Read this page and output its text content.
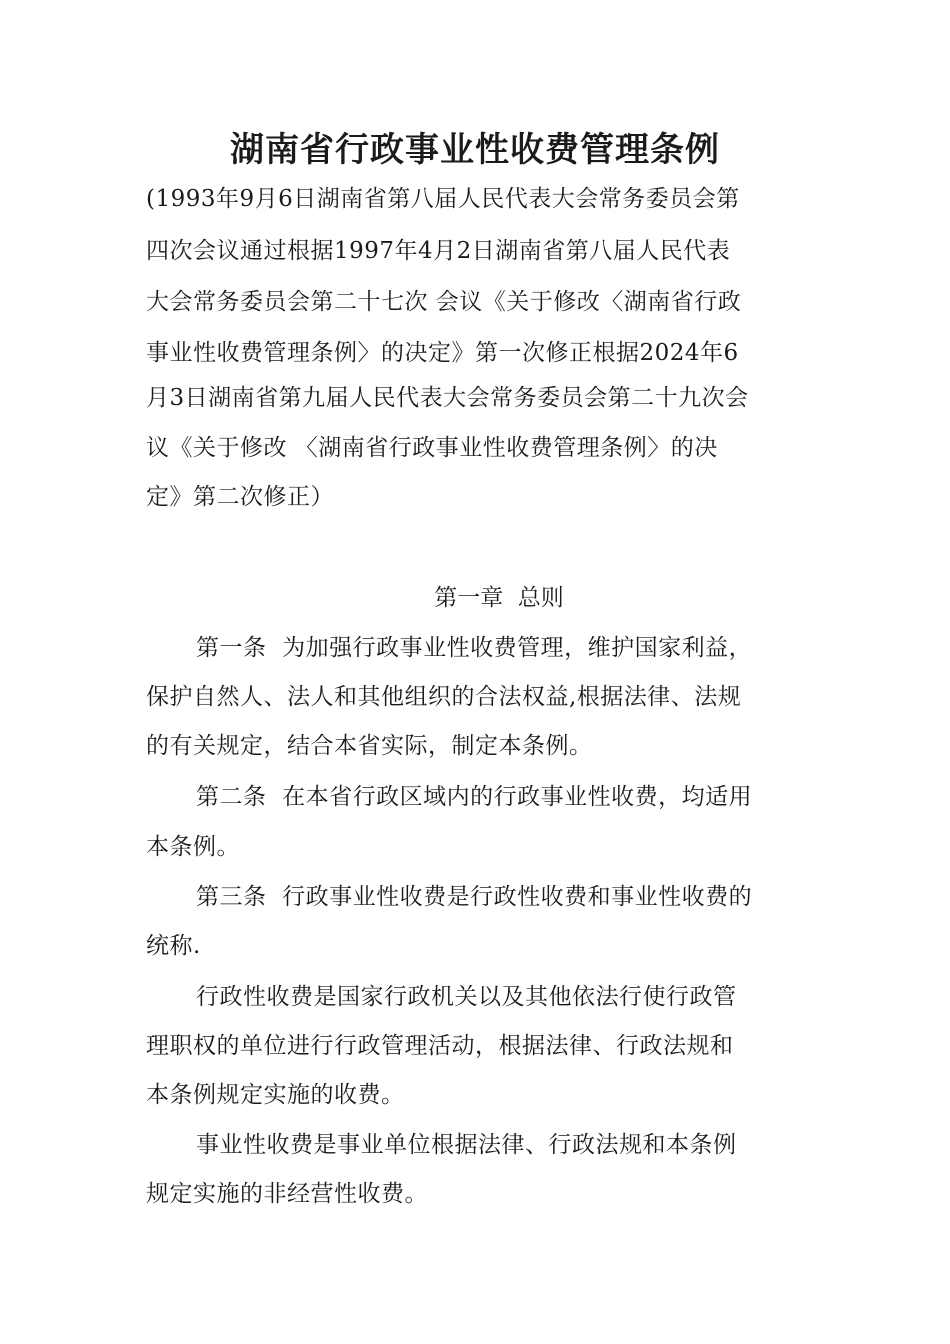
湖南省行政事业性收费管理条例
(1993年9月6日湖南省第八届人民代表大会常务委员会第
四次会议通过根据1997年4月2日湖南省第八届人民代表
大会常务委员会第二十七次 会议《关于修改〈湖南省行政
事业性收费管理条例〉的决定》第一次修正根据2024年6
月3日湖南省第九届人民代表大会常务委员会第二十九次会
议《关于修改 〈湖南省行政事业性收费管理条例〉的决
定》第二次修正）
第一章  总则
第一条  为加强行政事业性收费管理，维护国家利益，
保护自然人、法人和其他组织的合法权益,根据法律、法规
的有关规定，结合本省实际，制定本条例。
第二条  在本省行政区域内的行政事业性收费，均适用
本条例。
第三条  行政事业性收费是行政性收费和事业性收费的
统称.
行政性收费是国家行政机关以及其他依法行使行政管
理职权的单位进行行政管理活动，根据法律、行政法规和
本条例规定实施的收费。
事业性收费是事业单位根据法律、行政法规和本条例
规定实施的非经营性收费。
